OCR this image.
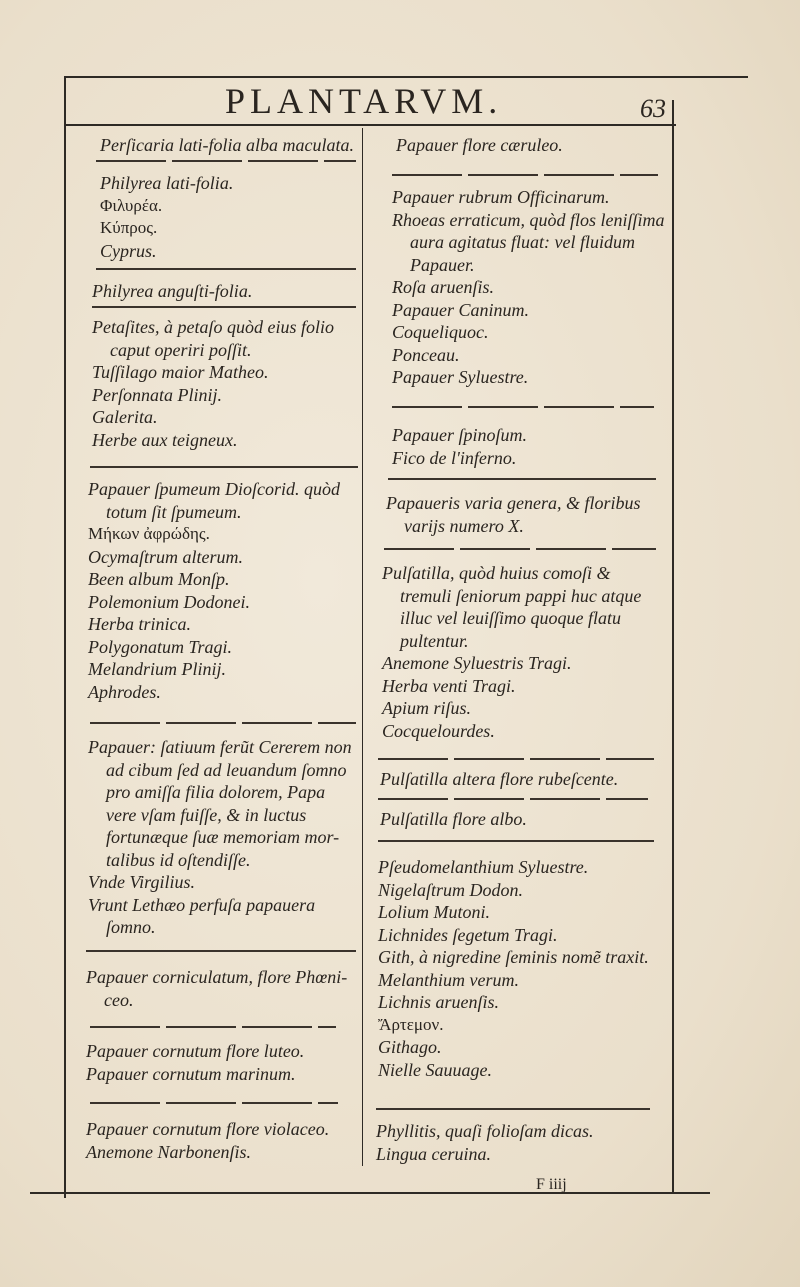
PLANTARVM.	63
F iiij
Perſicaria lati-folia alba maculata.
Philyrea lati-folia.
Φιλυρέα.
Κύπρος.
Cyprus.
Philyrea anguſti-folia.
Petaſites, à petaſo quòd eius folio
caput operiri poſſit.
Tuſſilago maior Matheo.
Perſonnata Plinij.
Galerita.
Herbe aux teigneux.
Papauer ſpumeum Dioſcorid. quòd
totum ſit ſpumeum.
Μήκων ἀφρώδης.
Ocymaſtrum alterum.
Been album Monſp.
Polemonium Dodonei.
Herba trinica.
Polygonatum Tragi.
Melandrium Plinij.
Aphrodes.
Papauer: ſatiuum ferũt Cererem non
ad cibum ſed ad leuandum ſomno
pro amiſſa filia dolorem, Papa
vere vſam fuiſſe, & in luctus
fortunæque ſuæ memoriam mor-
talibus id oſtendiſſe.
Vnde Virgilius.
Vrunt Lethæo perfuſa papauera
ſomno.
Papauer corniculatum, flore Phœni-
ceo.
Papauer cornutum flore luteo.
Papauer cornutum marinum.
Papauer cornutum flore violaceo.
Anemone Narbonenſis.
Papauer flore cæruleo.
Papauer rubrum Officinarum.
Rhoeas erraticum, quòd flos leniſſima
aura agitatus fluat: vel fluidum
Papauer.
Roſa aruenſis.
Papauer Caninum.
Coqueliquoc.
Ponceau.
Papauer Syluestre.
Papauer ſpinoſum.
Fico de l'inferno.
Papaueris varia genera, & floribus
varijs numero X.
Pulſatilla, quòd huius comoſi &
tremuli ſeniorum pappi huc atque
illuc vel leuiſſimo quoque flatu
pultentur.
Anemone Syluestris Tragi.
Herba venti Tragi.
Apium riſus.
Cocquelourdes.
Pulſatilla altera flore rubeſcente.
Pulſatilla flore albo.
Pſeudomelanthium Syluestre.
Nigelaſtrum Dodon.
Lolium Mutoni.
Lichnides ſegetum Tragi.
Gith, à nigredine ſeminis nomẽ traxit.
Melanthium verum.
Lichnis aruenſis.
Ἄρτεμον.
Githago.
Nielle Sauuage.
Phyllitis, quaſi folioſam dicas.
Lingua ceruina.
